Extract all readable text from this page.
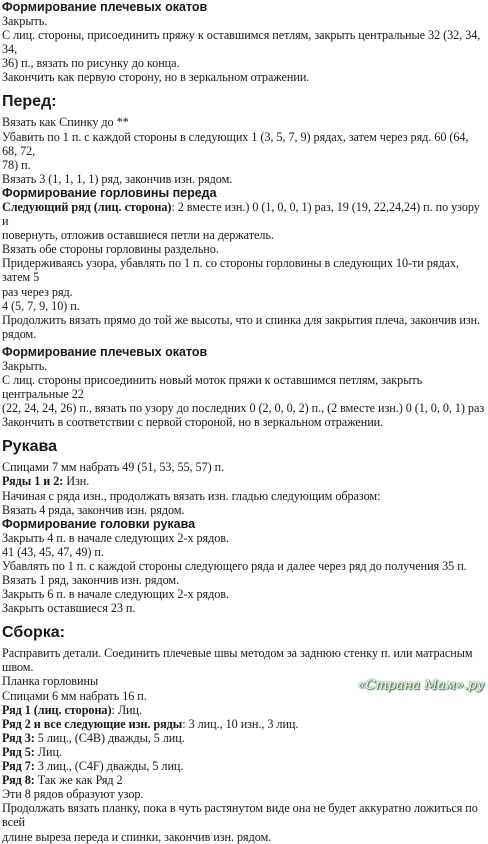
Формирование плечевых окатов

Закрыть.

С лиц. стороны, присоединить пряжу к оставшимся петлям, закрыть центральные 32 (32, 34, 34,

36) п., вязать по рисунку до конца.

Закончить как первую сторону, но в зеркальном отражении.

Перед:

Вязать как Спинку до **

Убавить по 1 п. с каждой стороны в следующих 1 (3, 5, 7, 9) рядах, затем через ряд. 60 (64, 68, 72,

78) п.

Вязать 3 (1, 1, 1, 1) ряд, закончив изн. рядом.

Формирование горловины переда

Следующий ряд (лиц. сторона): 2 вместе изн.) 0 (1, 0, 0, 1) раз, 19 (19, 22,24,24) п. по узору и

повернуть, отложив оставшиеся петли на держатель.

Вязать обе стороны горловины раздельно.

Придерживаясь узора, убавлять по 1 п. со стороны горловины в следующих 10-ти рядах, затем 5

раз через ряд.

4 (5, 7, 9, 10) п.

Продолжить вязать прямо до той же высоты, что и спинка для закрытия плеча, закончив изн.

рядом.

Формирование плечевых окатов

Закрыть.

С лиц. стороны присоединить новый моток пряжи к оставшимся петлям, закрыть центральные 22

(22, 24, 24, 26) п., вязать по узору до последних 0 (2, 0, 0, 2) п., (2 вместе изн.) 0 (1, 0, 0, 1) раз

Закончить в соответствии с первой стороной, но в зеркальном отражении.

Рукава

Спицами 7 мм набрать 49 (51, 53, 55, 57) п.

Ряды 1 и 2: Изн.

Начиная с ряда изн., продолжать вязать изн. гладью следующим образом:

Вязать 4 ряда, закончив изн. рядом.

Формирование головки рукава

Закрыть 4 п. в начале следующих 2-х рядов.

41 (43, 45, 47, 49) п.

Убавлять по 1 п. с каждой стороны следующего ряда и далее через ряд до получения 35 п.

Вязать 1 ряд, закончив изн. рядом.

Закрыть 6 п. в начале следующих 2-х рядов.

Закрыть оставшиеся 23 п.

Сборка:

Расправить детали. Соединить плечевые швы методом за заднюю стенку п. или матрасным швом.

Планка горловины

Спицами 6 мм набрать 16 п.

Ряд 1 (лиц. сторона): Лиц.

Ряд 2 и все следующие изн. ряды: 3 лиц., 10 изн., 3 лиц.

Ряд 3: 5 лиц., (С4В) дважды, 5 лиц.

Ряд 5: Лиц.

Ряд 7: 3 лиц., (С4F) дважды, 5 лиц.

Ряд 8: Так же как Ряд 2

Эти 8 рядов образуют узор.

Продолжать вязать планку, пока в чуть растянутом виде она не будет аккуратно ложиться по всей

длине выреза переда и спинки, закончив изн. рядом.

«Страна Мам».ру
